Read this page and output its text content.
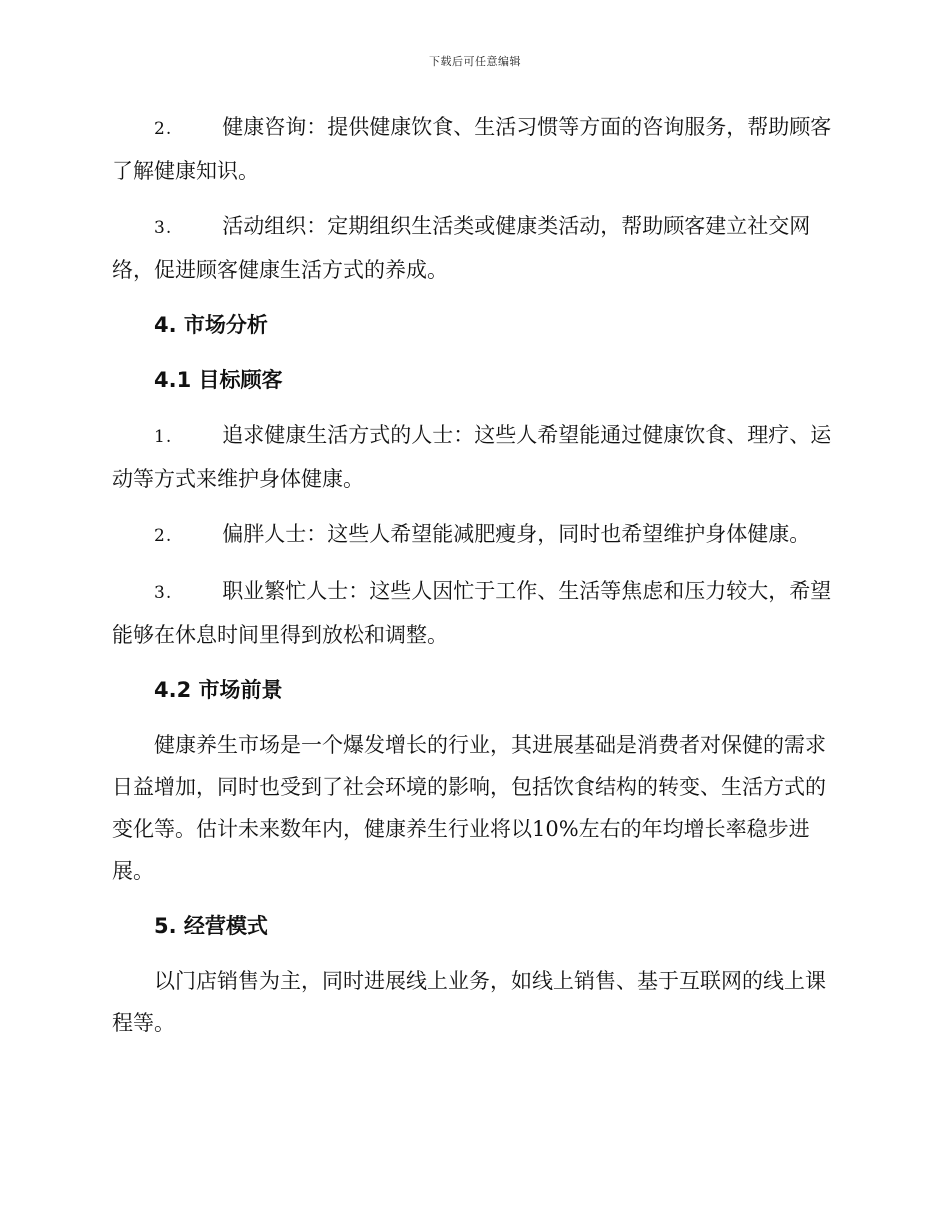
下载后可任意编辑

2. 健康咨询：提供健康饮食、生活习惯等方面的咨询服务，帮助顾客了解健康知识。

3. 活动组织：定期组织生活类或健康类活动，帮助顾客建立社交网络，促进顾客健康生活方式的养成。

4. 市场分析

4.1 目标顾客

1. 追求健康生活方式的人士：这些人希望能通过健康饮食、理疗、运动等方式来维护身体健康。

2. 偏胖人士：这些人希望能减肥瘦身，同时也希望维护身体健康。

3. 职业繁忙人士：这些人因忙于工作、生活等焦虑和压力较大，希望能够在休息时间里得到放松和调整。

4.2 市场前景

健康养生市场是一个爆发增长的行业，其进展基础是消费者对保健的需求日益增加，同时也受到了社会环境的影响，包括饮食结构的转变、生活方式的变化等。估计未来数年内，健康养生行业将以10%左右的年均增长率稳步进展。

5. 经营模式

以门店销售为主，同时进展线上业务，如线上销售、基于互联网的线上课程等。
